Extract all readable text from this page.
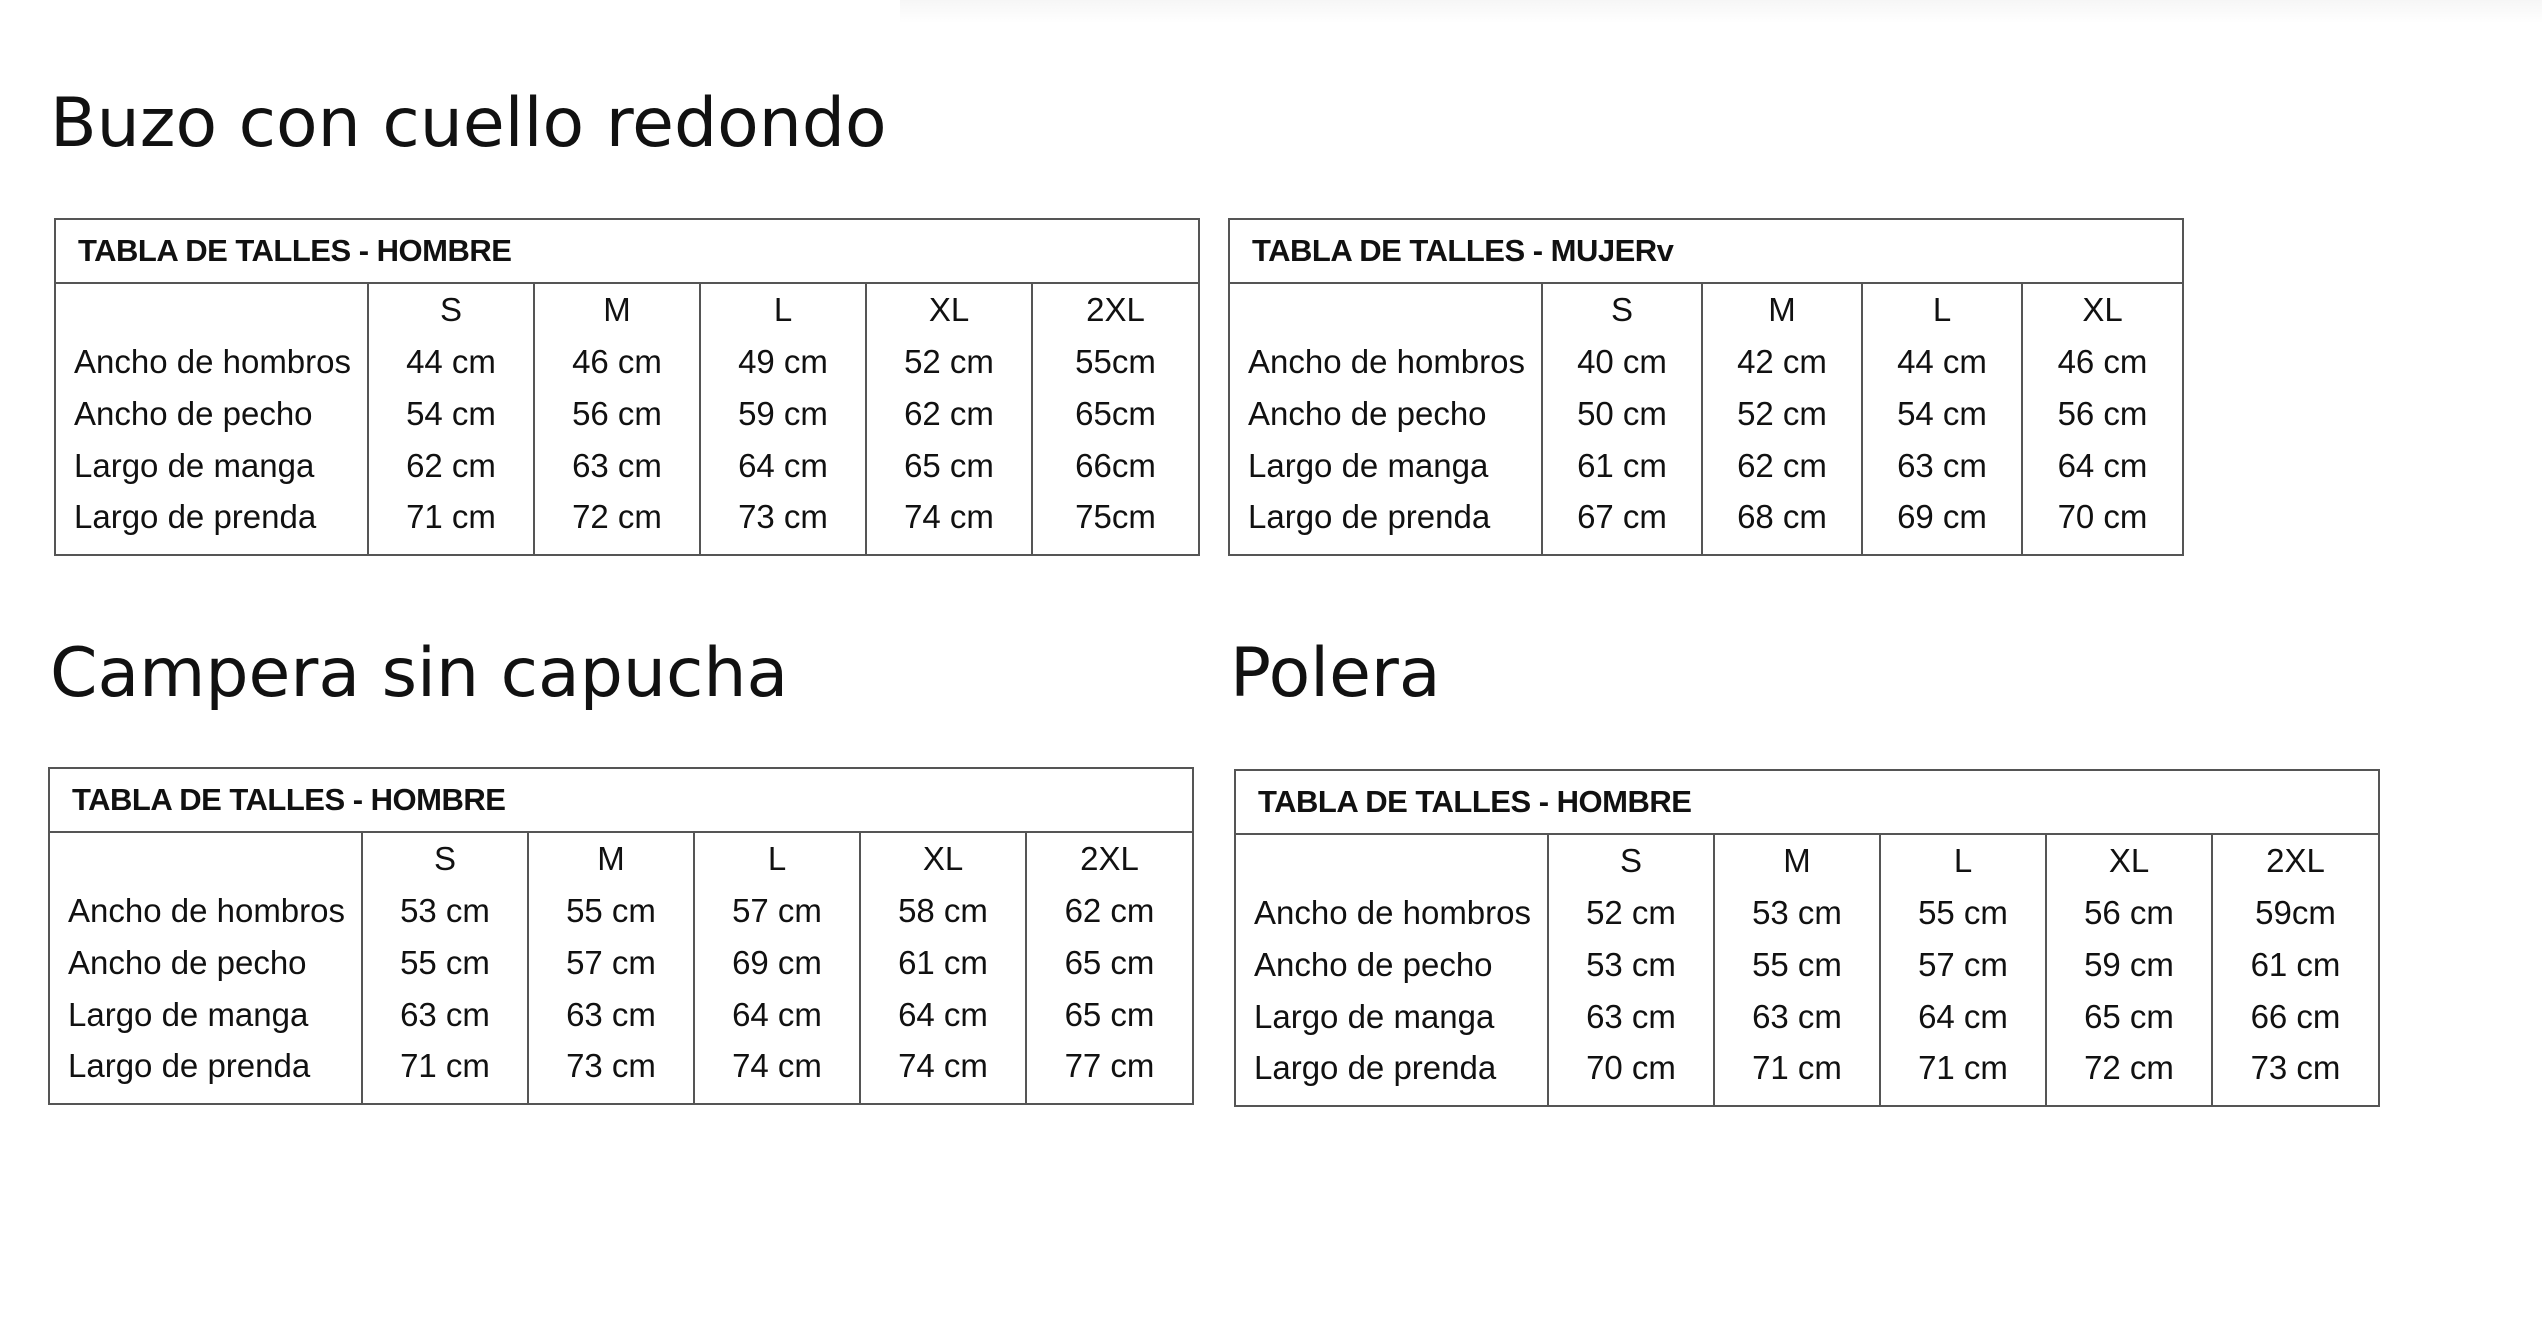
Buzo con cuello redondo
TABLA DE TALLES - HOMBRE					
	S	M	L	XL	2XL
Ancho de hombros	44 cm	46 cm	49 cm	52 cm	55cm
Ancho de pecho	54 cm	56 cm	59 cm	62 cm	65cm
Largo de manga	62 cm	63 cm	64 cm	65 cm	66cm
Largo de prenda	71 cm	72 cm	73 cm	74 cm	75cm
TABLA DE TALLES - MUJERv				
	S	M	L	XL
Ancho de hombros	40 cm	42 cm	44 cm	46 cm
Ancho de pecho	50 cm	52 cm	54 cm	56 cm
Largo de manga	61 cm	62 cm	63 cm	64 cm
Largo de prenda	67 cm	68 cm	69 cm	70 cm
Campera sin capucha
TABLA DE TALLES - HOMBRE					
	S	M	L	XL	2XL
Ancho de hombros	53 cm	55 cm	57 cm	58 cm	62 cm
Ancho de pecho	55 cm	57 cm	69 cm	61 cm	65 cm
Largo de manga	63 cm	63 cm	64 cm	64 cm	65 cm
Largo de prenda	71 cm	73 cm	74 cm	74 cm	77 cm
Polera
TABLA DE TALLES - HOMBRE					
	S	M	L	XL	2XL
Ancho de hombros	52 cm	53 cm	55 cm	56 cm	59cm
Ancho de pecho	53 cm	55 cm	57 cm	59 cm	61 cm
Largo de manga	63 cm	63 cm	64 cm	65 cm	66 cm
Largo de prenda	70 cm	71 cm	71 cm	72 cm	73 cm
